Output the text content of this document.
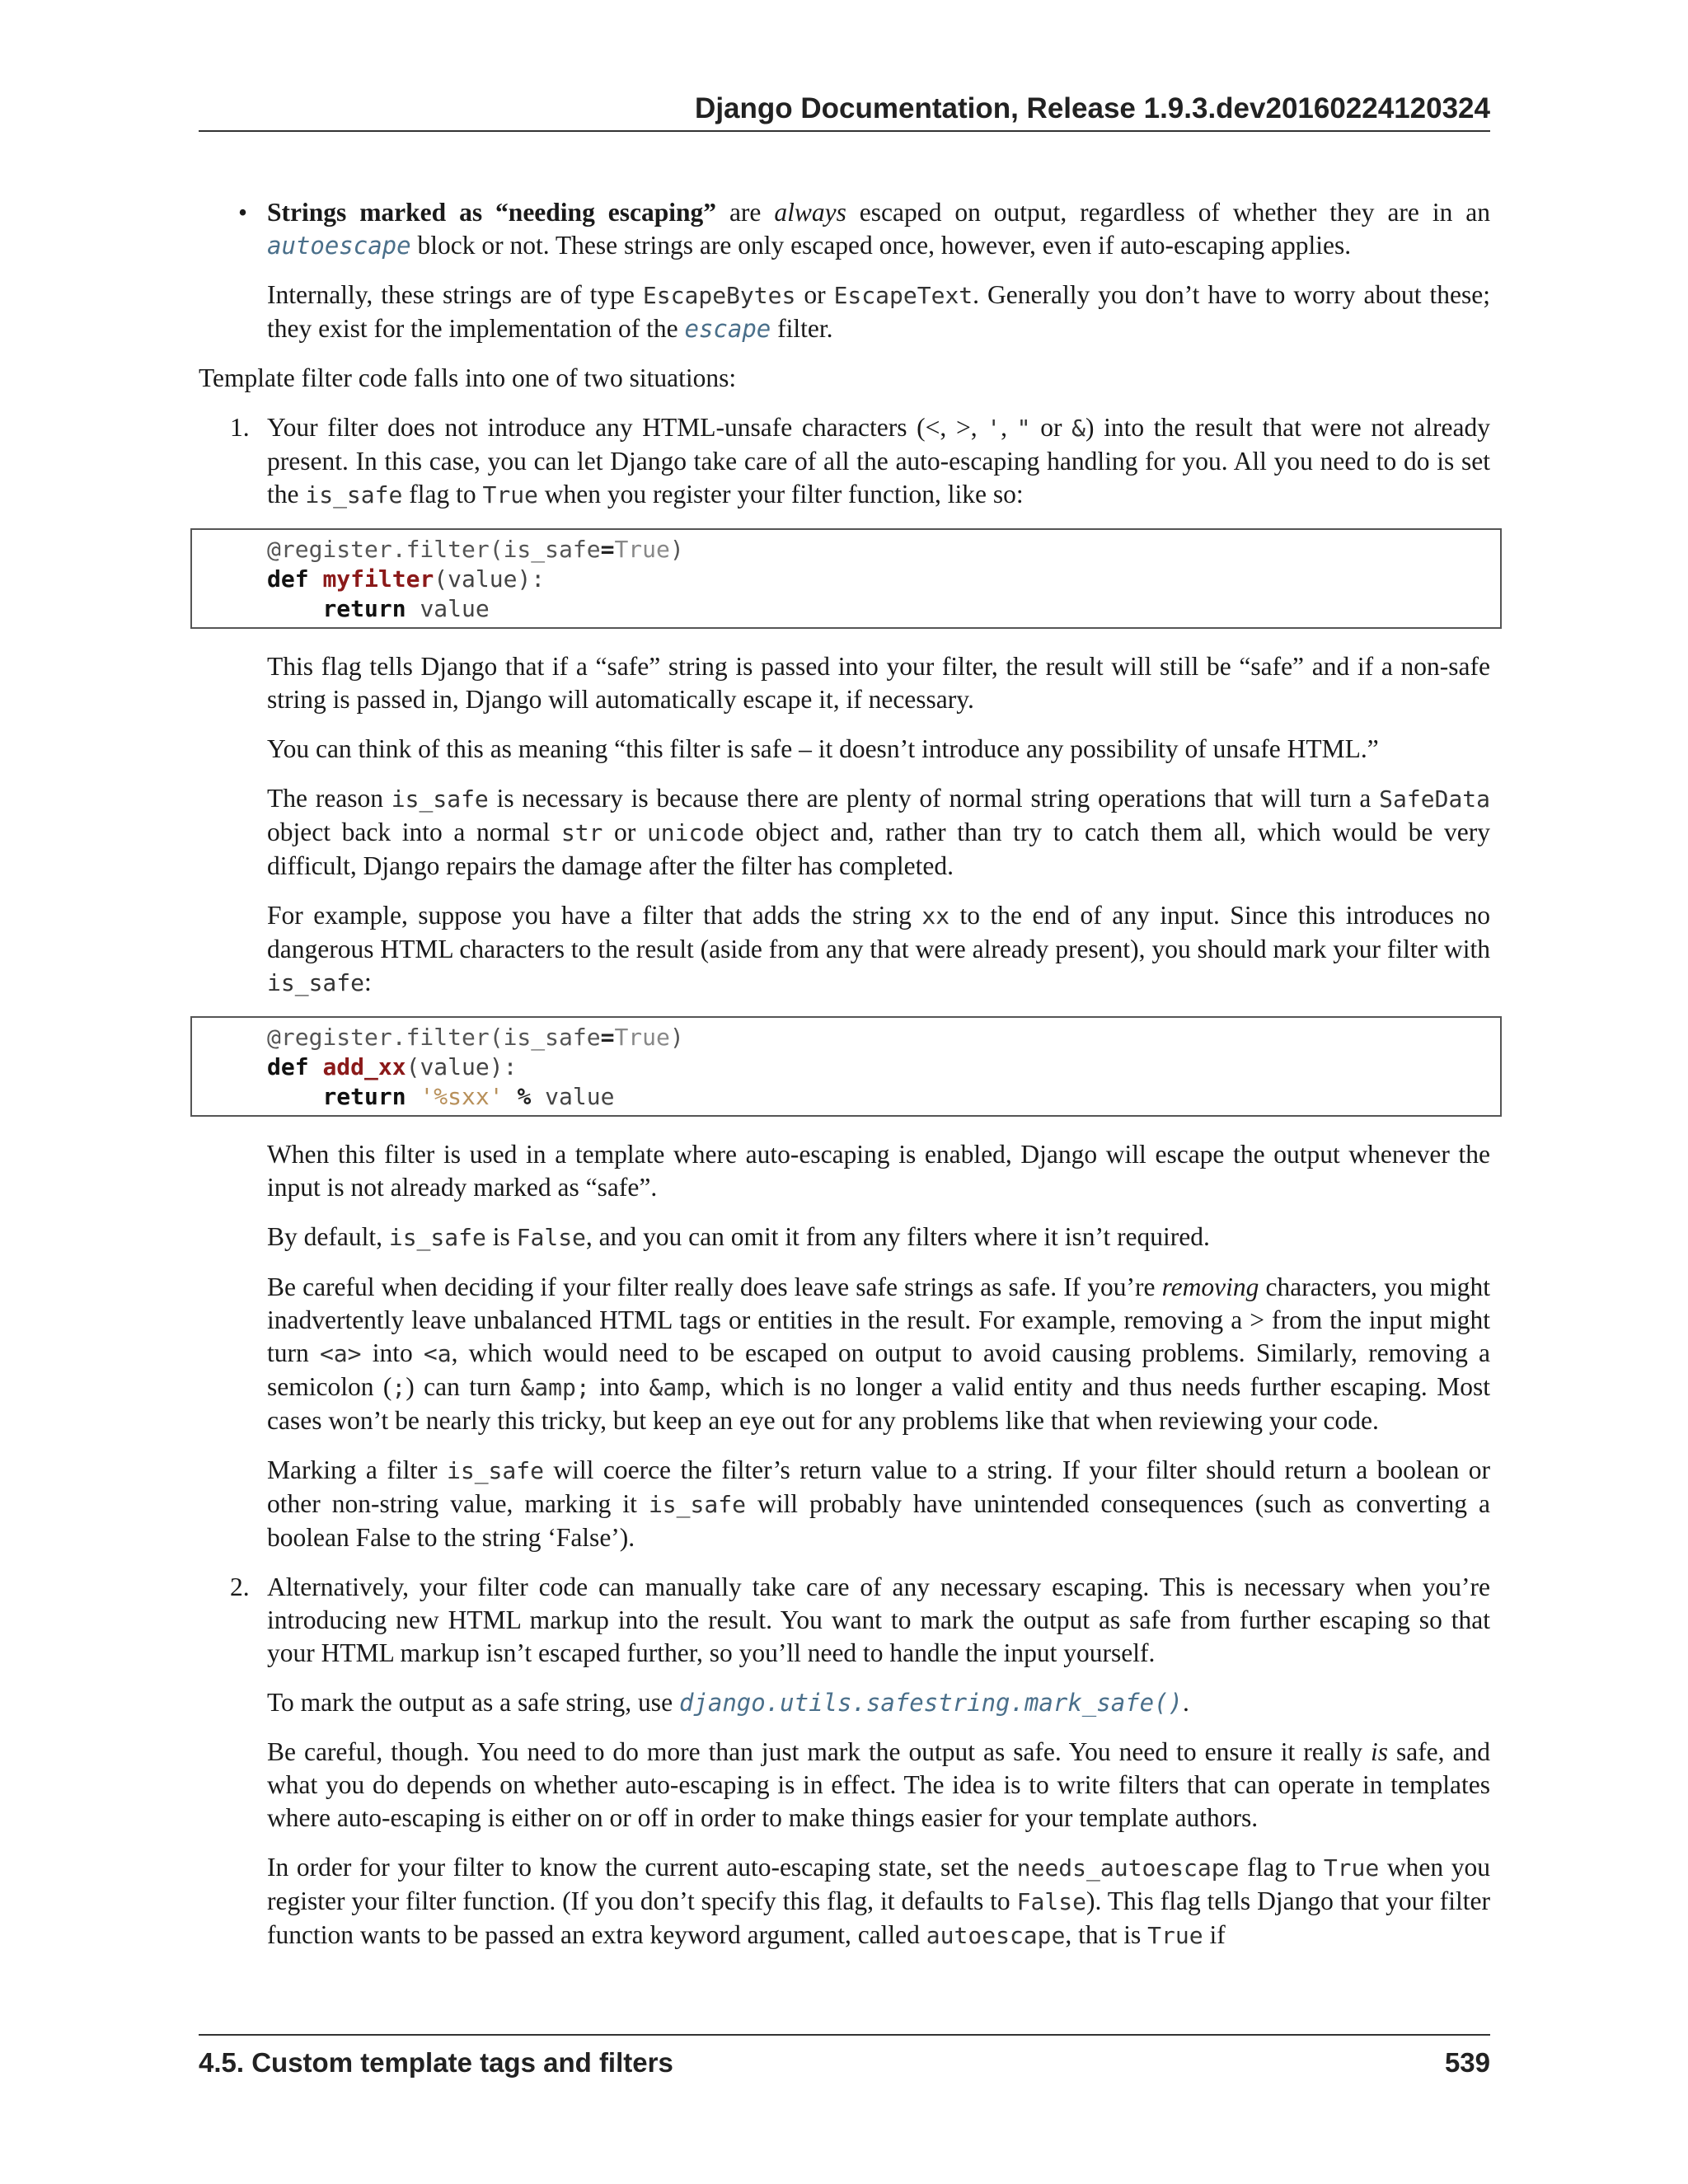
Django Documentation, Release 1.9.3.dev20160224120324
• Strings marked as “needing escaping” are always escaped on output, regardless of whether they are in an autoescape block or not. These strings are only escaped once, however, even if auto-escaping applies.

Internally, these strings are of type EscapeBytes or EscapeText. Generally you don’t have to worry about these; they exist for the implementation of the escape filter.

Template filter code falls into one of two situations:

1. Your filter does not introduce any HTML-unsafe characters (<, >, ', " or &) into the result that were not already present. In this case, you can let Django take care of all the auto-escaping handling for you. All you need to do is set the is_safe flag to True when you register your filter function, like so:

@register.filter(is_safe=True)
def myfilter(value):
return value

This flag tells Django that if a “safe” string is passed into your filter, the result will still be “safe” and if a non-safe string is passed in, Django will automatically escape it, if necessary.

You can think of this as meaning “this filter is safe – it doesn’t introduce any possibility of unsafe HTML.”

The reason is_safe is necessary is because there are plenty of normal string operations that will turn a SafeData object back into a normal str or unicode object and, rather than try to catch them all, which would be very difficult, Django repairs the damage after the filter has completed.

For example, suppose you have a filter that adds the string xx to the end of any input. Since this introduces no dangerous HTML characters to the result (aside from any that were already present), you should mark your filter with is_safe:

@register.filter(is_safe=True)
def add_xx(value):
return '%sxx' % value

When this filter is used in a template where auto-escaping is enabled, Django will escape the output whenever the input is not already marked as “safe”.

By default, is_safe is False, and you can omit it from any filters where it isn’t required.

Be careful when deciding if your filter really does leave safe strings as safe. If you’re removing characters, you might inadvertently leave unbalanced HTML tags or entities in the result. For example, removing a > from the input might turn <a> into <a, which would need to be escaped on output to avoid causing problems. Similarly, removing a semicolon (;) can turn &amp; into &amp, which is no longer a valid entity and thus needs further escaping. Most cases won’t be nearly this tricky, but keep an eye out for any problems like that when reviewing your code.

Marking a filter is_safe will coerce the filter’s return value to a string. If your filter should return a boolean or other non-string value, marking it is_safe will probably have unintended consequences (such as converting a boolean False to the string ‘False’).

2. Alternatively, your filter code can manually take care of any necessary escaping. This is necessary when you’re introducing new HTML markup into the result. You want to mark the output as safe from further escaping so that your HTML markup isn’t escaped further, so you’ll need to handle the input yourself.

To mark the output as a safe string, use django.utils.safestring.mark_safe().

Be careful, though. You need to do more than just mark the output as safe. You need to ensure it really is safe, and what you do depends on whether auto-escaping is in effect. The idea is to write filters that can operate in templates where auto-escaping is either on or off in order to make things easier for your template authors.

In order for your filter to know the current auto-escaping state, set the needs_autoescape flag to True when you register your filter function. (If you don’t specify this flag, it defaults to False). This flag tells Django that your filter function wants to be passed an extra keyword argument, called autoescape, that is True if

4.5. Custom template tags and filters	539
